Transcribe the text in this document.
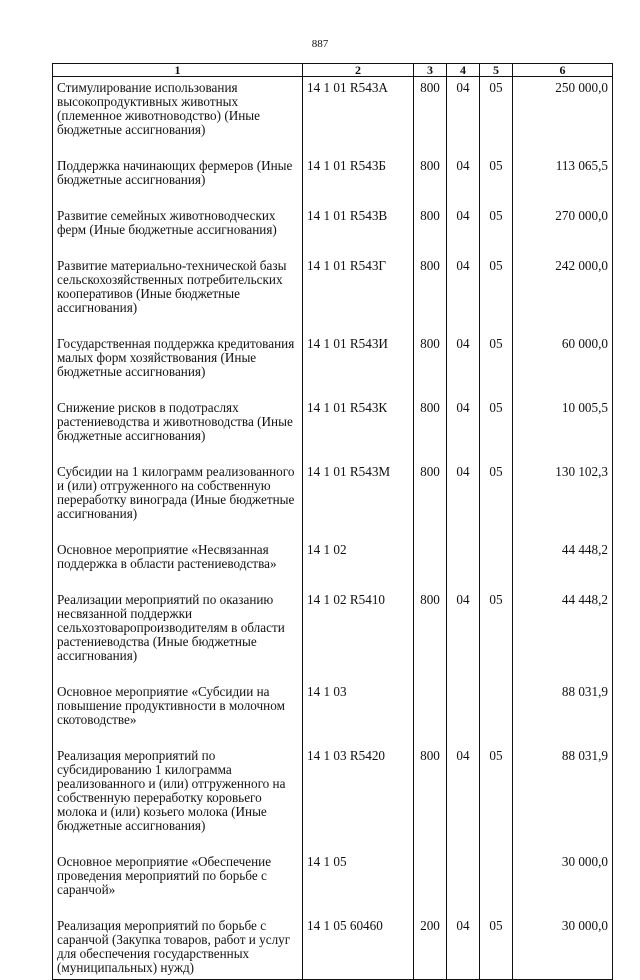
887
1	2	3	4	5	6
Стимулирование использования высокопродуктивных животных (племенное животноводство) (Иные бюджетные ассигнования)	14 1 01 R543А	800	04	05	250 000,0
Поддержка начинающих фермеров (Иные бюджетные ассигнования)	14 1 01 R543Б	800	04	05	113 065,5
Развитие семейных животноводческих ферм (Иные бюджетные ассигнования)	14 1 01 R543В	800	04	05	270 000,0
Развитие материально-технической базы сельскохозяйственных потребительских кооперативов (Иные бюджетные ассигнования)	14 1 01 R543Г	800	04	05	242 000,0
Государственная поддержка кредитования малых форм хозяйствования (Иные бюджетные ассигнования)	14 1 01 R543И	800	04	05	60 000,0
Снижение рисков в подотраслях растениеводства и животноводства (Иные бюджетные ассигнования)	14 1 01 R543К	800	04	05	10 005,5
Субсидии на 1 килограмм реализованного и (или) отгруженного на собственную переработку винограда (Иные бюджетные ассигнования)	14 1 01 R543М	800	04	05	130 102,3
Основное мероприятие «Несвязанная поддержка в области растениеводства»	14 1 02				44 448,2
Реализации мероприятий по оказанию несвязанной поддержки сельхозтоваропроизводителям в области растениеводства (Иные бюджетные ассигнования)	14 1 02 R5410	800	04	05	44 448,2
Основное мероприятие «Субсидии на повышение продуктивности в молочном скотоводстве»	14 1 03				88 031,9
Реализация мероприятий по субсидированию 1 килограмма реализованного и (или) отгруженного на собственную переработку коровьего молока и (или) козьего молока (Иные бюджетные ассигнования)	14 1 03 R5420	800	04	05	88 031,9
Основное мероприятие «Обеспечение проведения мероприятий по борьбе с саранчой»	14 1 05				30 000,0
Реализация мероприятий по борьбе с саранчой (Закупка товаров, работ и услуг для обеспечения государственных (муниципальных) нужд)	14 1 05 60460	200	04	05	30 000,0
